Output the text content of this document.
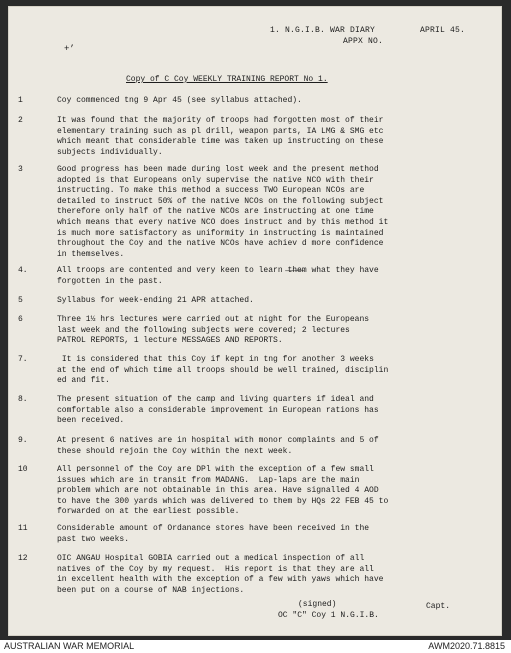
1. N.G.I.B. WAR DIARY	APRIL 45.
APPX NO.
+’
Copy of C Coy WEEKLY TRAINING REPORT No 1.
1	Coy commenced tng 9 Apr 45 (see syllabus attached).
2	It was found that the majority of troops had forgotten most of their
elementary training such as pl drill, weapon parts, IA LMG & SMG etc
which meant that considerable time was taken up instructing on these
subjects individually.
3	Good progress has been made during lost week and the present method
adopted is that Europeans only supervise the native NCO with their
instructing. To make this method a success TWO European NCOs are
detailed to instruct 50% of the native NCOs on the following subject
therefore only half of the native NCOs are instructing at one time
which means that every native NCO does instruct and by this method it
is much more satisfactory as uniformity in instructing is maintained
throughout the Coy and the native NCOs have achiev d more confidence
in themselves.
4.	All troops are contented and very keen to learn ̶t̶h̶e̶m what they have
forgotten in the past.
5	Syllabus for week-ending 21 APR attached.
6	Three 1½ hrs lectures were carried out at night for the Europeans
last week and the following subjects were covered; 2 lectures
PATROL REPORTS, 1 lecture MESSAGES AND REPORTS.
7.	It is considered that this Coy if kept in tng for another 3 weeks
at the end of which time all troops should be well trained, disciplin
ed and fit.
8.	The present situation of the camp and living quarters if ideal and
comfortable also a considerable improvement in European rations has
been received.
9.	At present 6 natives are in hospital with monor complaints and 5 of
these should rejoin the Coy within the next week.
10	All personnel of the Coy are DPl with the exception of a few small
issues which are in transit from MADANG.  Lap-laps are the main
problem which are not obtainable in this area. Have signalled 4 AOD
to have the 300 yards which was delivered to them by HQs 22 FEB 45 to
forwarded on at the earliest possible.
11	Considerable amount of Ordanance stores have been received in the
past two weeks.
12	OIC ANGAU Hospital GOBIA carried out a medical inspection of all
natives of the Coy by my request.  His report is that they are all
in excellent health with the exception of a few with yaws which have
been put on a course of NAB injections.
(signed)	Capt.
OC "C" Coy 1 N.G.I.B.
AUSTRALIAN WAR MEMORIAL	AWM2020.71.8815
